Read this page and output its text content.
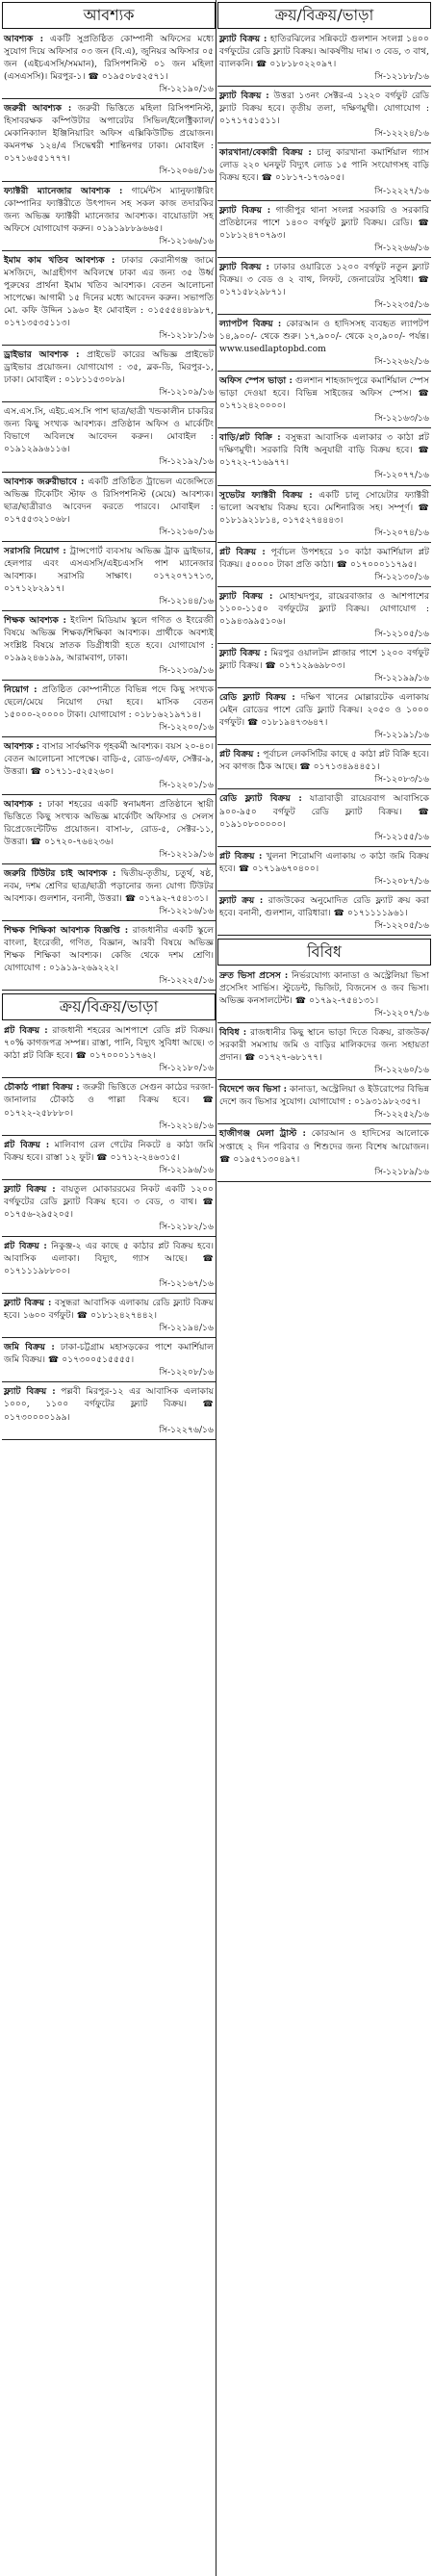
আবশ্যক
আবশ্যক : একটি সুপ্রতিষ্ঠিত কোম্পানী অফিসের মধ্যে সুযোগ দিয়ে অফিসার ০৩ জন (বি.এ), জুনিয়র অফিসার ০৫ জন (এইচএসসি/সমমান), রিসিপশনিস্ট ০১ জন মহিলা (এসএসসি)। মিরপুর-১। ☎ ০১৯৫০৮৫২৫৭১।
সি-১২১৯০/১৬
জরুরী আবশ্যক : জরুরী ভিত্তিতে মহিলা রিসিপশনিস্ট, হিসাবরক্ষক কম্পিউটার অপারেটর সিভিল/ইলেক্ট্রিক্যাল/মেকানিক্যাল ইঞ্জিনিয়ারিং অফিস এক্সিকিউটিভ প্রয়োজন। কমনপক্ষ ১২৪/এ সিদ্ধেশ্বরী শান্তিনগর ঢাকা। মোবাইল : ০১৭১৬৫৫১৭৭৭।
সি-১২০৬৪/১৬
ফ্যাক্টরী ম্যানেজার আবশ্যক : গার্মেন্টস ম্যানুফ্যাক্টরিং কোম্পানির ফ্যাক্টরীতে উৎপাদন সহ সকল কাজ তদারকির জন্য অভিজ্ঞ ফ্যাক্টরী ম্যানেজার আবশ্যক। বায়োডাটা সহ অফিসে যোগাযোগ করুন। ০১৯১৯৮৮৯৬৬৫।
সি-১২১৬৬/১৬
ইমাম কাম খতিব আবশ্যক : ঢাকার কেরানীগঞ্জ জামে মসজিদে, আগ্রহীগণ অবিলম্বে ঢাকা এর জন্য ৩৫ উর্ধ্ব পুরুষের প্রার্থনা ইমাম খতিব আবশ্যক। বেতন আলোচনা সাপেক্ষে। আগামী ১৫ দিনের মধ্যে আবেদন করুন। সভাপতি মো. কফি উদ্দিন ১৯৬০ ইং মোবাইল : ০১৫৫৫৪৪৮৯৮৭, ০১৭১৩৫৩৫১১৩।
সি-১২১৮১/১৬
ড্রাইভার আবশ্যক : প্রাইভেট কারের অভিজ্ঞ প্রাইভেট ড্রাইভার প্রয়োজন। যোগাযোগ : ৩৫, ব্লক-ডি, মিরপুর-১, ঢাকা। মোবাইল : ০১৮১১৫৩০৮৯।
সি-১২১০৯/১৬
এস.এস.সি, এইচ.এস.সি পাশ ছাত্র/ছাত্রী খন্ডকালীন চাকরির জন্য কিছু সংখ্যক আবশ্যক। প্রতিষ্ঠান অফিস ও মার্কেটিং বিভাগে অবিলম্বে আবেদন করুন। মোবাইল : ০১৯১২৯৯৬১১৬।
সি-১২১৯২/১৬
আবশ্যক জরুরীভাবে : একটি প্রতিষ্ঠিত ট্রাভেল এজেন্সিতে অভিজ্ঞ টিকেটিং স্টাফ ও রিসিপশনিস্ট (মেয়ে) আবশ্যক। ছাত্র/ছাত্রীরাও আবেদন করতে পারবে। মোবাইল : ০১৭৫৫৩২১০৬৮।
সি-১২১৬০/১৬
সরাসরি নিয়োগ : ট্রান্সপোর্ট ব্যবসায় অভিজ্ঞ ট্রাক ড্রাইভার, হেলপার এবং এসএসসি/এইচএসসি পাশ ম্যানেজার আবশ্যক। সরাসরি সাক্ষাৎ। ০১৭২০৭১৭১৩, ০১৭১২৮২৯১৭।
সি-১২১৪৪/১৬
শিক্ষক আবশ্যক : ইংলিশ মিডিয়াম স্কুলে গণিত ও ইংরেজী বিষয়ে অভিজ্ঞ শিক্ষক/শিক্ষিকা আবশ্যক। প্রার্থীকে অবশ্যই সংশ্লিষ্ট বিষয়ে স্নাতক ডিগ্রীধারী হতে হবে। যোগাযোগ : ০১৯৯২৪৬১৯৯, আরামবাগ, ঢাকা।
সি-১২১৩৯/১৬
নিয়োগ : প্রতিষ্ঠিত কোম্পানীতে বিভিন্ন পদে কিছু সংখ্যক ছেলে/মেয়ে নিয়োগ দেয়া হবে। মাসিক বেতন ১৫০০০-২০০০০ টাকা। যোগাযোগ : ০১৮১৬২১৯৭১৪।
সি-১২২০০/১৬
আবশ্যক : বাসার সার্বক্ষণিক গৃহকর্মী আবশ্যক। বয়স ২০-৪০। বেতন আলোচনা সাপেক্ষে। বাড়ি-৫, রোড-৩/এফ, সেক্টর-৯, উত্তরা। ☎ ০১৭১১-৫২৫২৬০।
সি-১২২০১/১৬
আবশ্যক : ঢাকা শহরের একটি স্বনামধন্য প্রতিষ্ঠানে স্থায়ী ভিত্তিতে কিছু সংখ্যক অভিজ্ঞ মার্কেটিং অফিসার ও সেলস রিপ্রেজেন্টেটিভ প্রয়োজন। বাসা-৮, রোড-৫, সেক্টর-১১, উত্তরা। ☎ ০১৭২০-৭৬৪২৩৬।
সি-১২২১৯/১৬
জরুরি টিউটর চাই আবশ্যক : দ্বিতীয়-তৃতীয়, চতুর্থ, ষষ্ঠ, নবম, দশম শ্রেণির ছাত্র/ছাত্রী পড়ানোর জন্য যোগ্য টিউটর আবশ্যক। গুলশান, বনানী, উত্তরা। ☎ ০১৭৯২-৭৫৪১৩১।
সি-১২২১৬/১৬
শিক্ষক শিক্ষিকা আবশ্যক বিজ্ঞপ্তি : রাজধানীর একটি স্কুলে বাংলা, ইংরেজী, গণিত, বিজ্ঞান, আরবী বিষয়ে অভিজ্ঞ শিক্ষক শিক্ষিকা আবশ্যক। কেজি থেকে দশম শ্রেণি। যোগাযোগ : ০১৯১৯-২৬৯২২২।
সি-১২২২৫/১৬
ক্রয়/বিক্রয়/ভাড়া
প্লট বিক্রয় : রাজধানী শহরের আশপাশে রেডি প্লট বিক্রয়। ৭০% কাগজপত্র সম্পন্ন। রাস্তা, পানি, বিদ্যুৎ সুবিধা আছে। ৩ কাঠা প্লট বিক্রি হবে। ☎ ০১৭০০০১১৭৬২।
সি-১২১৮০/১৬
চৌকাঠ পাল্লা বিক্রয় : জরুরী ভিত্তিতে সেগুন কাঠের দরজা-জানালার চৌকাঠ ও পাল্লা বিক্রয় হবে। ☎ ০১৭২২-২৫৮৮৮০।
সি-১২২১৪/১৬
প্লট বিক্রয় : মালিবাগ রেল গেটের নিকটে ৪ কাঠা জমি বিক্রয় হবে। রাস্তা ১২ ফুট। ☎ ০১৭১২-২৪৬৩১৫।
সি-১২১৯৬/১৬
ফ্ল্যাট বিক্রয় : বায়তুল মোকাররমের নিকট একটি ১২০০ বর্গফুটের রেডি ফ্ল্যাট বিক্রয় হবে। ৩ বেড, ৩ বাথ। ☎ ০১৭৫৬-২৯৫২০৫।
সি-১২১৮২/১৬
প্লট বিক্রয় : নিকুঞ্জ-২ এর কাছে ৫ কাঠার প্লট বিক্রয় হবে। আবাসিক এলাকা। বিদ্যুৎ, গ্যাস আছে। ☎ ০১৭১১১৯৮৮০০।
সি-১২১৬৭/১৬
ফ্ল্যাট বিক্রয় : বসুন্ধরা আবাসিক এলাকায় রেডি ফ্ল্যাট বিক্রয় হবে। ১৬০০ বর্গফুট। ☎ ০১৮১২৪২৭৪৪২।
সি-১২১৯৪/১৬
জমি বিক্রয় : ঢাকা-চট্টগ্রাম মহাসড়কের পাশে কমার্শিয়াল জমি বিক্রয়। ☎ ০১৭৩০০৫১৫৫৫৫।
সি-১২২০৮/১৬
ফ্ল্যাট বিক্রয় : পল্লবী মিরপুর-১২ এর আবাসিক এলাকায় ১০০০, ১১০০ বর্গফুটের ফ্ল্যাট বিক্রয়। ☎ ০১৭৩০০০০১৯৯।
সি-১২২৭৬/১৬
ক্রয়/বিক্রয়/ভাড়া
ফ্ল্যাট বিক্রয় : হাতিরঝিলের সন্নিকটে গুলশান সংলগ্ন ১৪০০ বর্গফুটের রেডি ফ্ল্যাট বিক্রয়। আকর্ষণীয় দাম। ৩ বেড, ৩ বাথ, ব্যালকনি। ☎ ০১৮১৮০২২০৯৭।
সি-১২১৮৮/১৬
ফ্ল্যাট বিক্রয় : উত্তরা ১৩নং সেক্টর-এ ১২২০ বর্গফুট রেডি ফ্ল্যাট বিক্রয় হবে। তৃতীয় তলা, দক্ষিণমুখী। যোগাযোগ : ০১৭১৭৫১৫১১।
সি-১২২২৪/১৬
কারখানা/বেকারী বিক্রয় : চালু কারখানা কমার্শিয়াল গ্যাস লোড ২২০ ঘনফুট বিদ্যুৎ লোড ১৫ পানি সংযোগসহ বাড়ি বিক্রয় হবে। ☎ ০১৮১৭-১৭৩৯০৫।
সি-১২২২৭/১৬
ফ্ল্যাট বিক্রয় : গাজীপুর থানা সংলগ্ন সরকারি ও সরকারি প্রতিষ্ঠানের পাশে ১৪০০ বর্গফুট ফ্ল্যাট বিক্রয়। রেডি। ☎ ০১৮১২৪৭০৭৯৩।
সি-১২২৬৬/১৬
ফ্ল্যাট বিক্রয় : ঢাকার ওয়ারিতে ১২০০ বর্গফুট নতুন ফ্ল্যাট বিক্রয়। ৩ বেড ও ২ বাথ, লিফট, জেনারেটর সুবিধা। ☎ ০১৭১৫৮২৯৮৭১।
সি-১২২৩৫/১৬
ল্যাপটপ বিক্রয় : কোরআন ও হাদিসসহ ব্যবহৃত ল্যাপটপ ১৪,৯০০/- থেকে শুরু। ১৭,৯০০/- থেকে ২০,৯০০/- পর্যন্ত। www.usedlaptopbd.com
সি-১২২৬২/১৬
অফিস স্পেস ভাড়া : গুলশান শাহজাদপুরে কমার্শিয়াল স্পেস ভাড়া দেওয়া হবে। বিভিন্ন সাইজের অফিস স্পেস। ☎ ০১৭১২৪২০০০০।
সি-১২১৬৩/১৬
বাড়ি/প্লট বিক্রি : বসুন্ধরা আবাসিক এলাকার ৩ কাঠা প্লট দক্ষিণমুখী। সরকারি বিধি অনুযায়ী বাড়ি বিক্রয় হবে। ☎ ০১৭২২-৭১৬৯৭৭।
সি-১২০৭৭/১৬
সুভেটর ফ্যাক্টরী বিক্রয় : একটি চালু সোয়েটার ফ্যাক্টরী ভালো অবস্থায় বিক্রয় হবে। মেশিনারিজ সহ। সম্পূর্ণ। ☎ ০১৮১৯২১৮১৪, ০১৭৫২৭৪৪৪৩।
সি-১২০৭৪/১৬
প্লট বিক্রয় : পূর্বাচল উপশহরে ১০ কাঠা কমার্শিয়াল প্লট বিক্রয়। ৫০০০০ টাকা প্রতি কাঠা। ☎ ০১৭০০০১১৭৯৫।
সি-১২১৩০/১৬
ফ্ল্যাট বিক্রয় : মোহাম্মদপুর, রায়েরবাজার ও আশপাশের ১১০০-১১৫০ বর্গফুটের ফ্ল্যাট বিক্রয়। যোগাযোগ : ০১৯৪৩৯৯৫১০৬।
সি-১২১০৫/১৬
ফ্ল্যাট বিক্রয় : মিরপুর ওয়ালটন প্লাজার পাশে ১২০০ বর্গফুট ফ্ল্যাট বিক্রয়। ☎ ০১৭১২৯৬৯৮০৩।
সি-১২১৯৯/১৬
রেডি ফ্ল্যাট বিক্রয় : দক্ষিণ খানের মোল্লারটেক এলাকায় মেইন রোডের পাশে রেডি ফ্ল্যাট বিক্রয়। ২০৫০ ও ১০০০ বর্গফুট। ☎ ০১৮১৯৪৭৩৬৪৭।
সি-১২১৯১/১৬
প্লট বিক্রয় : পূর্বাচল লেকসিটির কাছে ৫ কাঠা প্লট বিক্রি হবে। সব কাগজ ঠিক আছে। ☎ ০১৭১৩৪৯৪৪৫১।
সি-১২০৮৩/১৬
রেডি ফ্ল্যাট বিক্রয় : যাত্রাবাড়ী রায়েরবাগ আবাসিকে ৯০০-৯৫০ বর্গফুট রেডি ফ্ল্যাট বিক্রয়। ☎ ০১৯১০৮০০০০০।
সি-১২১৫৫/১৬
প্লট বিক্রয় : খুলনা শিরোমণি এলাকায় ৩ কাঠা জমি বিক্রয় হবে। ☎ ০১৭১৯৬৭০৪০০।
সি-১২০৮৭/১৬
ফ্ল্যাট ক্রয় : রাজউকের অনুমোদিত রেডি ফ্ল্যাট ক্রয় করা হবে। বনানী, গুলশান, বারিধারা। ☎ ০১৭১১১১৯৬১।
সি-১২২০৫/১৬
বিবিধ
দ্রুত ভিসা প্রসেস : নির্ভরযোগ্য কানাডা ও অস্ট্রেলিয়া ভিসা প্রসেসিং সার্ভিস। স্টুডেন্ট, ভিজিট, বিজনেস ও জব ভিসা। অভিজ্ঞ কনসালটেন্ট। ☎ ০১৭৯২-৭৫৪১৩১।
সি-১২২০৭/১৬
বিবিধ : রাজধানীর কিছু স্থানে ভাড়া দিতে বিক্রয়, রাজউক/সরকারী সমস্যায় জমি ও বাড়ির মালিকদের জন্য সহায়তা প্রদান। ☎ ০১৭২৭-৬৮১৭৭।
সি-১২২৬০/১৬
বিদেশে জব ভিসা : কানাডা, অস্ট্রেলিয়া ও ইউরোপের বিভিন্ন দেশে জব ভিসার সুযোগ। যোগাযোগ : ০১৯৩১৯৮২৩৫৭।
সি-১২২৫২/১৬
হাজীগঞ্জ মেলা ট্রাস্ট : কোরআন ও হাদিসের আলোকে সপ্তাহে ২ দিন পরিবার ও শিশুদের জন্য বিশেষ আয়োজন। ☎ ০১৯৫৭১৩০৪৯৭।
সি-১২১৮৯/১৬
